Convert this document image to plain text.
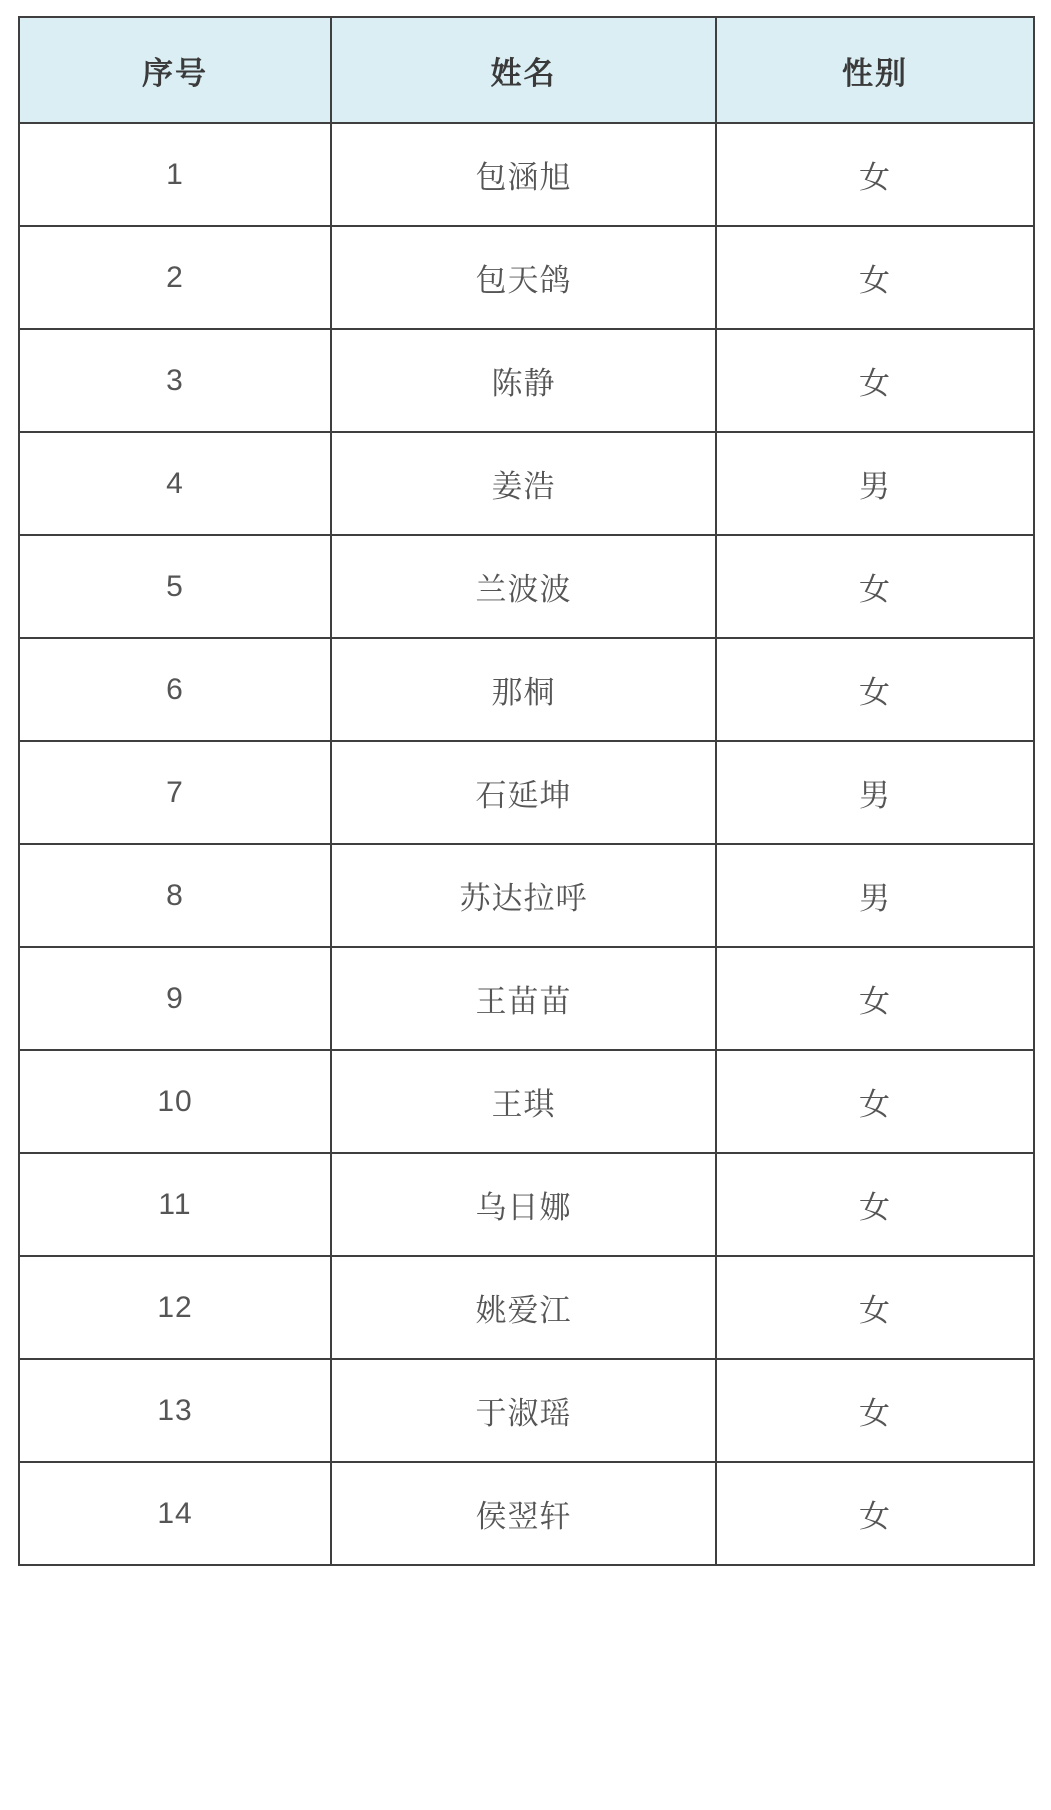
序号	姓名	性别
1	包涵旭	女
2	包天鸽	女
3	陈静	女
4	姜浩	男
5	兰波波	女
6	那桐	女
7	石延坤	男
8	苏达拉呼	男
9	王苗苗	女
10	王琪	女
11	乌日娜	女
12	姚爱江	女
13	于淑瑶	女
14	侯翌轩	女
